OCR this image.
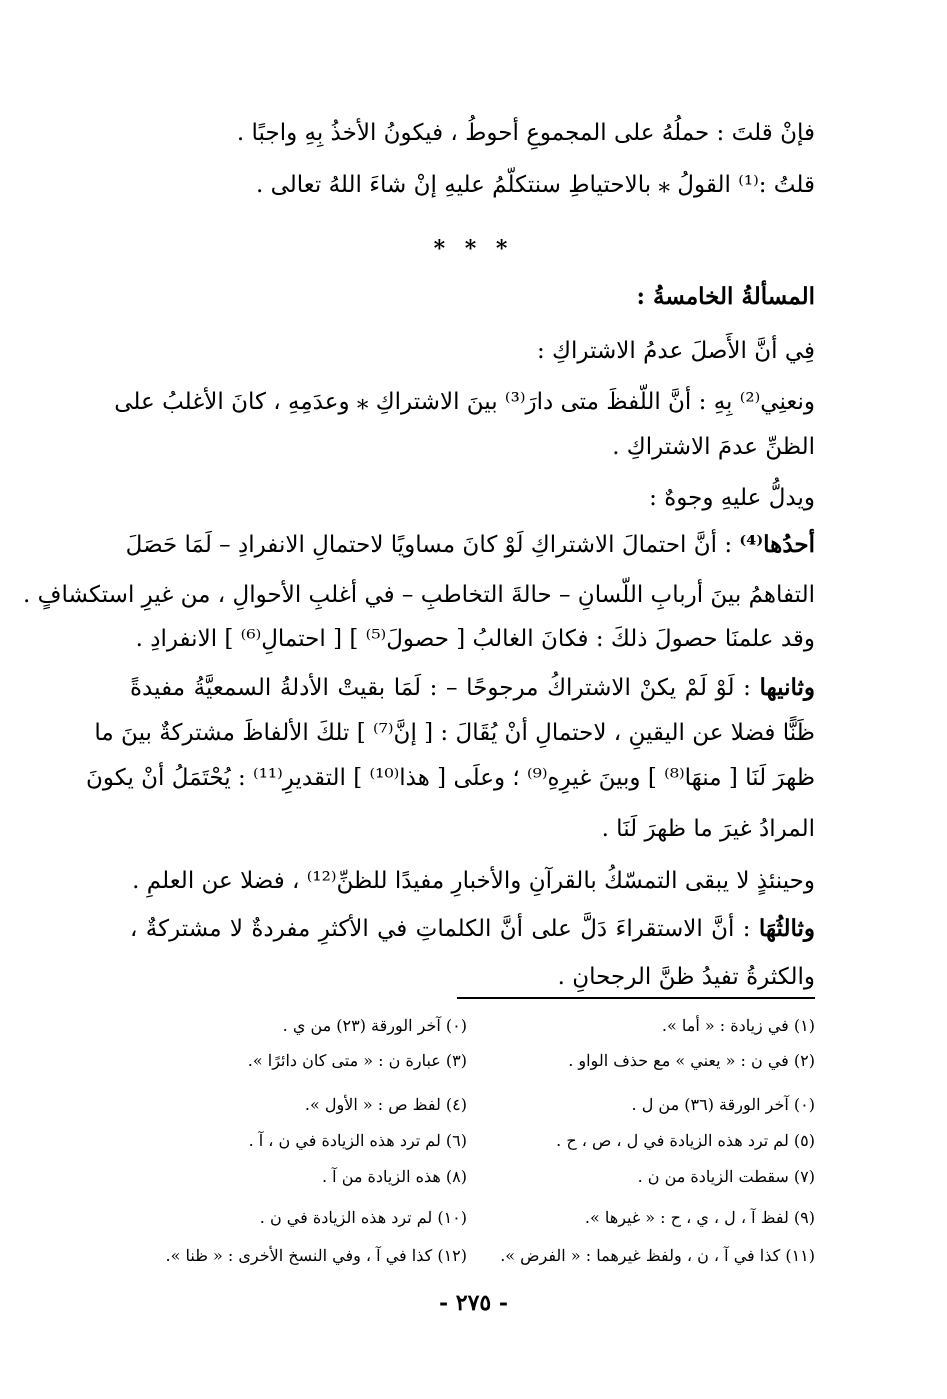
فإنْ قلتَ : حملُهُ على المجموعِ أحوطُ ، فيكونُ الأخذُ بِهِ واجبًا .
قلتُ :⁽¹⁾ القولُ ⁎ بالاحتياطِ سنتكلّمُ عليهِ إنْ شاءَ اللهُ تعالى .
* * *
المسألةُ الخامسةُ :
فِي أنَّ الأَصلَ عدمُ الاشتراكِ :
ونعنِي⁽²⁾ بِهِ : أنَّ اللّفظَ متى دارَ⁽³⁾ بينَ الاشتراكِ ⁎ وعدَمِهِ ، كانَ الأغلبُ على
الظنِّ عدمَ الاشتراكِ .
ويدلُّ عليهِ وجوهٌ :
أحدُها⁽⁴⁾ : أنَّ احتمالَ الاشتراكِ لَوْ كانَ مساويًا لاحتمالِ الانفرادِ – لَمَا حَصَلَ
التفاهمُ بينَ أربابِ اللّسانِ – حالةَ التخاطبِ – في أغلبِ الأحوالِ ، من غيرِ استكشافٍ .
وقد علمنَا حصولَ ذلكَ : فكانَ الغالبُ [ حصولَ⁽⁵⁾ ] [ احتمالِ⁽⁶⁾ ] الانفرادِ .
وثانيها : لَوْ لَمْ يكنْ الاشتراكُ مرجوحًا – : لَمَا بقيتْ الأدلةُ السمعيَّةُ مفيدةً
ظَنًّا فضلا عن اليقينِ ، لاحتمالِ أنْ يُقَالَ : [ إنَّ⁽⁷⁾ ] تلكَ الألفاظَ مشتركةٌ بينَ ما
ظهرَ لَنَا [ منهَا⁽⁸⁾ ] وبينَ غيرِهِ⁽⁹⁾ ؛ وعلَى [ هذا⁽¹⁰⁾ ] التقديرِ⁽¹¹⁾ : يُحْتَمَلُ أنْ يكونَ
المرادُ غيرَ ما ظهرَ لَنَا .
وحينئذٍ لا يبقى التمسّكُ بالقرآنِ والأخبارِ مفيدًا للظنِّ⁽¹²⁾ ، فضلا عن العلمِ .
وثالثُهَا : أنَّ الاستقراءَ دَلَّ على أنَّ الكلماتِ في الأكثرِ مفردةٌ لا مشتركةٌ ،
والكثرةُ تفيدُ ظنَّ الرجحانِ .
(١) في زيادة : « أما ».
(٢) في ن : « يعني » مع حذف الواو .
(٠) آخر الورقة (٣٦) من ل .
(٥) لم ترد هذه الزيادة في ل ، ص ، ح .
(٧) سقطت الزيادة من ن .
(٩) لفظ آ ، ل ، ي ، ح : « غيرها ».
(١١) كذا في آ ، ن ، ولفظ غيرهما : « الفرض ».
(٠) آخر الورقة (٢٣) من ي .
(٣) عبارة ن : « متى كان دائرًا ».
(٤) لفظ ص : « الأول ».
(٦) لم ترد هذه الزيادة في ن ، آ .
(٨) هذه الزيادة من آ .
(١٠) لم ترد هذه الزيادة في ن .
(١٢) كذا في آ ، وفي النسخ الأخرى : « ظنا ».
- ٢٧٥ -
